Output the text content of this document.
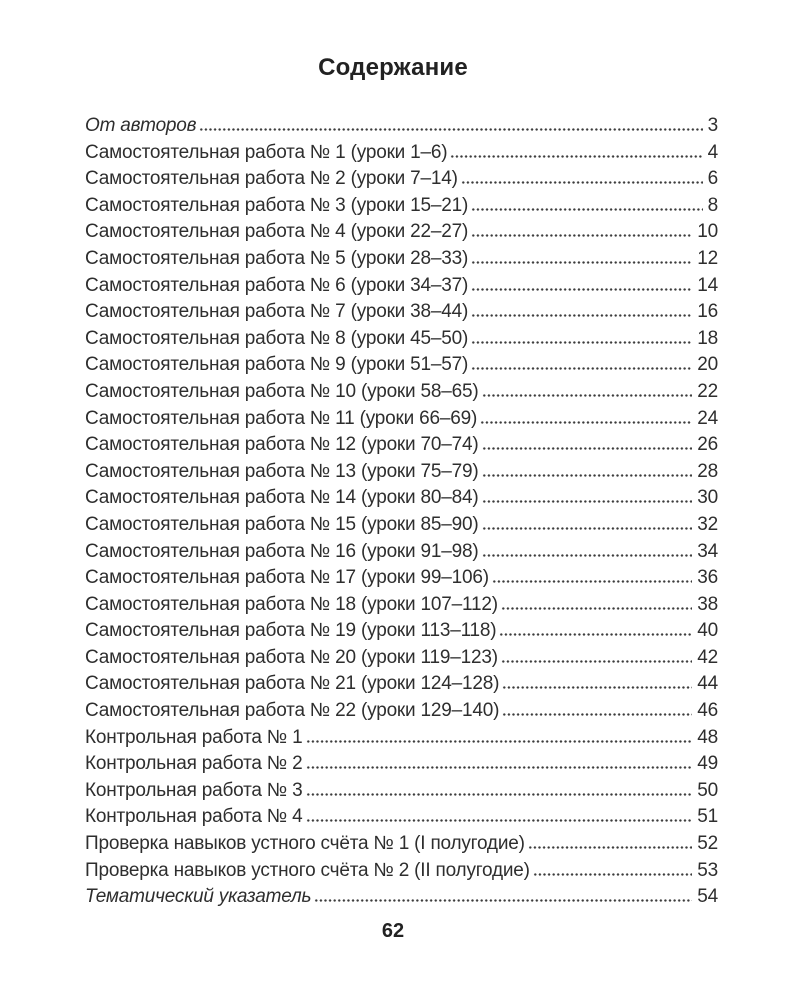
Содержание
От авторов	3
Самостоятельная работа № 1 (уроки 1–6)	4
Самостоятельная работа № 2 (уроки 7–14)	6
Самостоятельная работа № 3 (уроки 15–21)	8
Самостоятельная работа № 4 (уроки 22–27)	10
Самостоятельная работа № 5 (уроки 28–33)	12
Самостоятельная работа № 6 (уроки 34–37)	14
Самостоятельная работа № 7 (уроки 38–44)	16
Самостоятельная работа № 8 (уроки 45–50)	18
Самостоятельная работа № 9 (уроки 51–57)	20
Самостоятельная работа № 10 (уроки 58–65)	22
Самостоятельная работа № 11 (уроки 66–69)	24
Самостоятельная работа № 12 (уроки 70–74)	26
Самостоятельная работа № 13 (уроки 75–79)	28
Самостоятельная работа № 14 (уроки 80–84)	30
Самостоятельная работа № 15 (уроки 85–90)	32
Самостоятельная работа № 16 (уроки 91–98)	34
Самостоятельная работа № 17 (уроки 99–106)	36
Самостоятельная работа № 18 (уроки 107–112)	38
Самостоятельная работа № 19 (уроки 113–118)	40
Самостоятельная работа № 20 (уроки 119–123)	42
Самостоятельная работа № 21 (уроки 124–128)	44
Самостоятельная работа № 22 (уроки 129–140)	46
Контрольная работа № 1	48
Контрольная работа № 2	49
Контрольная работа № 3	50
Контрольная работа № 4	51
Проверка навыков устного счёта № 1 (I полугодие)	52
Проверка навыков устного счёта № 2 (II полугодие)	53
Тематический указатель	54
62
